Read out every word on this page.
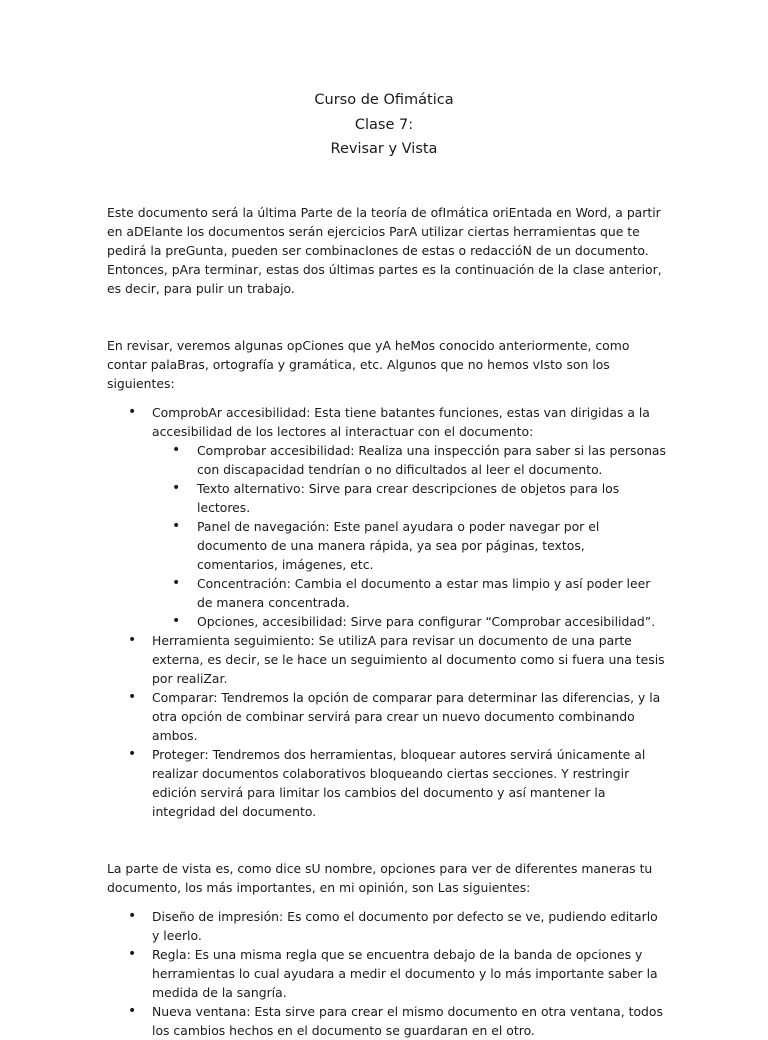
Curso de Ofimática

Clase 7:

Revisar y Vista

Este documento será la última Parte de la teoría de ofImática oriEntada en Word, a partir en aDElante los documentos serán ejercicios ParA utilizar ciertas herramientas que te pedirá la preGunta, pueden ser combinacIones de estas o redacciόN de un documento. Entonces, pAra terminar, estas dos últimas partes es la continuación de la clase anterior, es decir, para pulir un trabajo.

En revisar, veremos algunas opCiones que yA heMos conocido anteriormente, como contar palaBras, ortografía y gramática, etc. Algunos que no hemos vIsto son los siguientes:

• ComprobAr accesibilidad: Esta tiene batantes funciones, estas van dirigidas a la accesibilidad de los lectores al interactuar con el documento:
• Comprobar accesibilidad: Realiza una inspección para saber si las personas con discapacidad tendrían o no dificultados al leer el documento.
• Texto alternativo: Sirve para crear descripciones de objetos para los lectores.
• Panel de navegación: Este panel ayudara o poder navegar por el documento de una manera rápida, ya sea por páginas, textos, comentarios, imágenes, etc.
• Concentración: Cambia el documento a estar mas limpio y así poder leer de manera concentrada.
• Opciones, accesibilidad: Sirve para configurar “Comprobar accesibilidad”.
• Herramienta seguimiento: Se utilizA para revisar un documento de una parte externa, es decir, se le hace un seguimiento al documento como si fuera una tesis por realiZar.
• Comparar: Tendremos la opción de comparar para determinar las diferencias, y la otra opción de combinar servirá para crear un nuevo documento combinando ambos.
• Proteger: Tendremos dos herramientas, bloquear autores servirá únicamente al realizar documentos colaborativos bloqueando ciertas secciones. Y restringir edición servirá para limitar los cambios del documento y así mantener la integridad del documento.

La parte de vista es, como dice sU nombre, opciones para ver de diferentes maneras tu documento, los más importantes, en mi opinión, son Las siguientes:

• Diseño de impresión: Es como el documento por defecto se ve, pudiendo editarlo y leerlo.
• Regla: Es una misma regla que se encuentra debajo de la banda de opciones y herramientas lo cual ayudara a medir el documento y lo más importante saber la medida de la sangría.
• Nueva ventana: Esta sirve para crear el mismo documento en otra ventana, todos los cambios hechos en el documento se guardaran en el otro.
